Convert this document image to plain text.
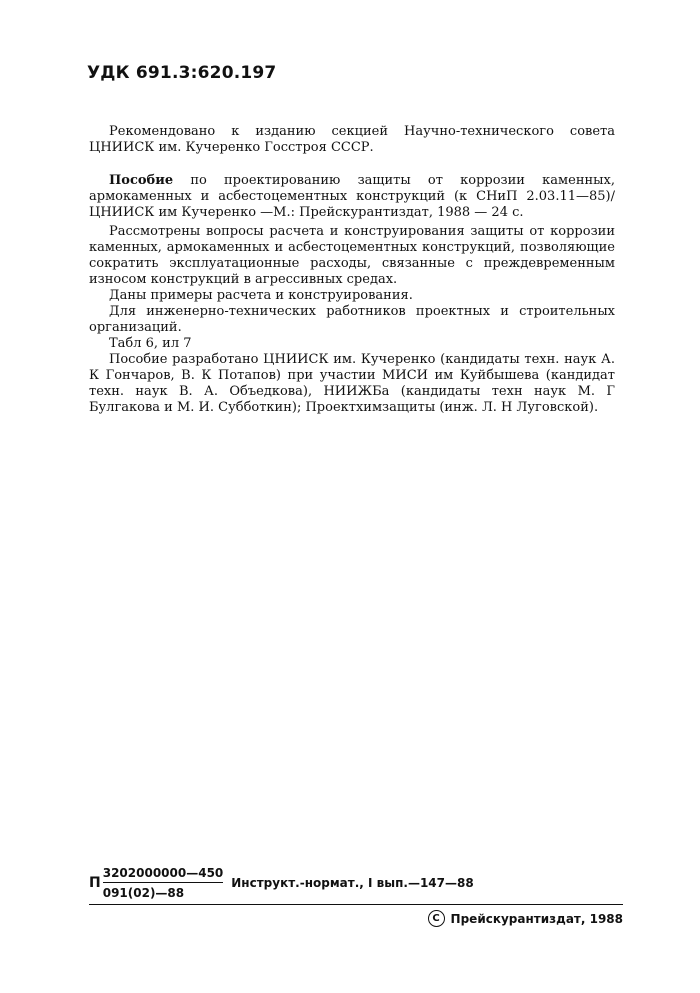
УДК 691.3:620.197

Рекомендовано к изданию секцией Научно-технического совета ЦНИИСК им. Кучеренко Госстроя СССР.

Пособие по проектированию защиты от коррозии каменных, армокаменных и асбестоцементных конструкций (к СНиП 2.03.11—85)/ЦНИИСК им Кучеренко —М.: Прейскурантиздат, 1988 — 24 с.

Рассмотрены вопросы расчета и конструирования защиты от коррозии каменных, армокаменных и асбестоцементных конструкций, позволяющие сократить эксплуатационные расходы, связанные с преждевременным износом конструкций в агрессивных средах.

Даны примеры расчета и конструирования.

Для инженерно-технических работников проектных и строительных организаций.

Табл 6, ил 7

Пособие разработано ЦНИИСК им. Кучеренко (кандидаты техн. наук А. К Гончаров, В. К Потапов) при участии МИСИ им Куйбышева (кандидат техн. наук В. А. Объедкова), НИИЖБа (кандидаты техн наук М. Г Булгакова и М. И. Субботкин); Проектхимзащиты (инж. Л. Н Луговской).

П $\frac{3202000000—450}{091(02)—88}$ Инструкт.-нормат., I вып.—147—88
C Прейскурантиздат, 1988
